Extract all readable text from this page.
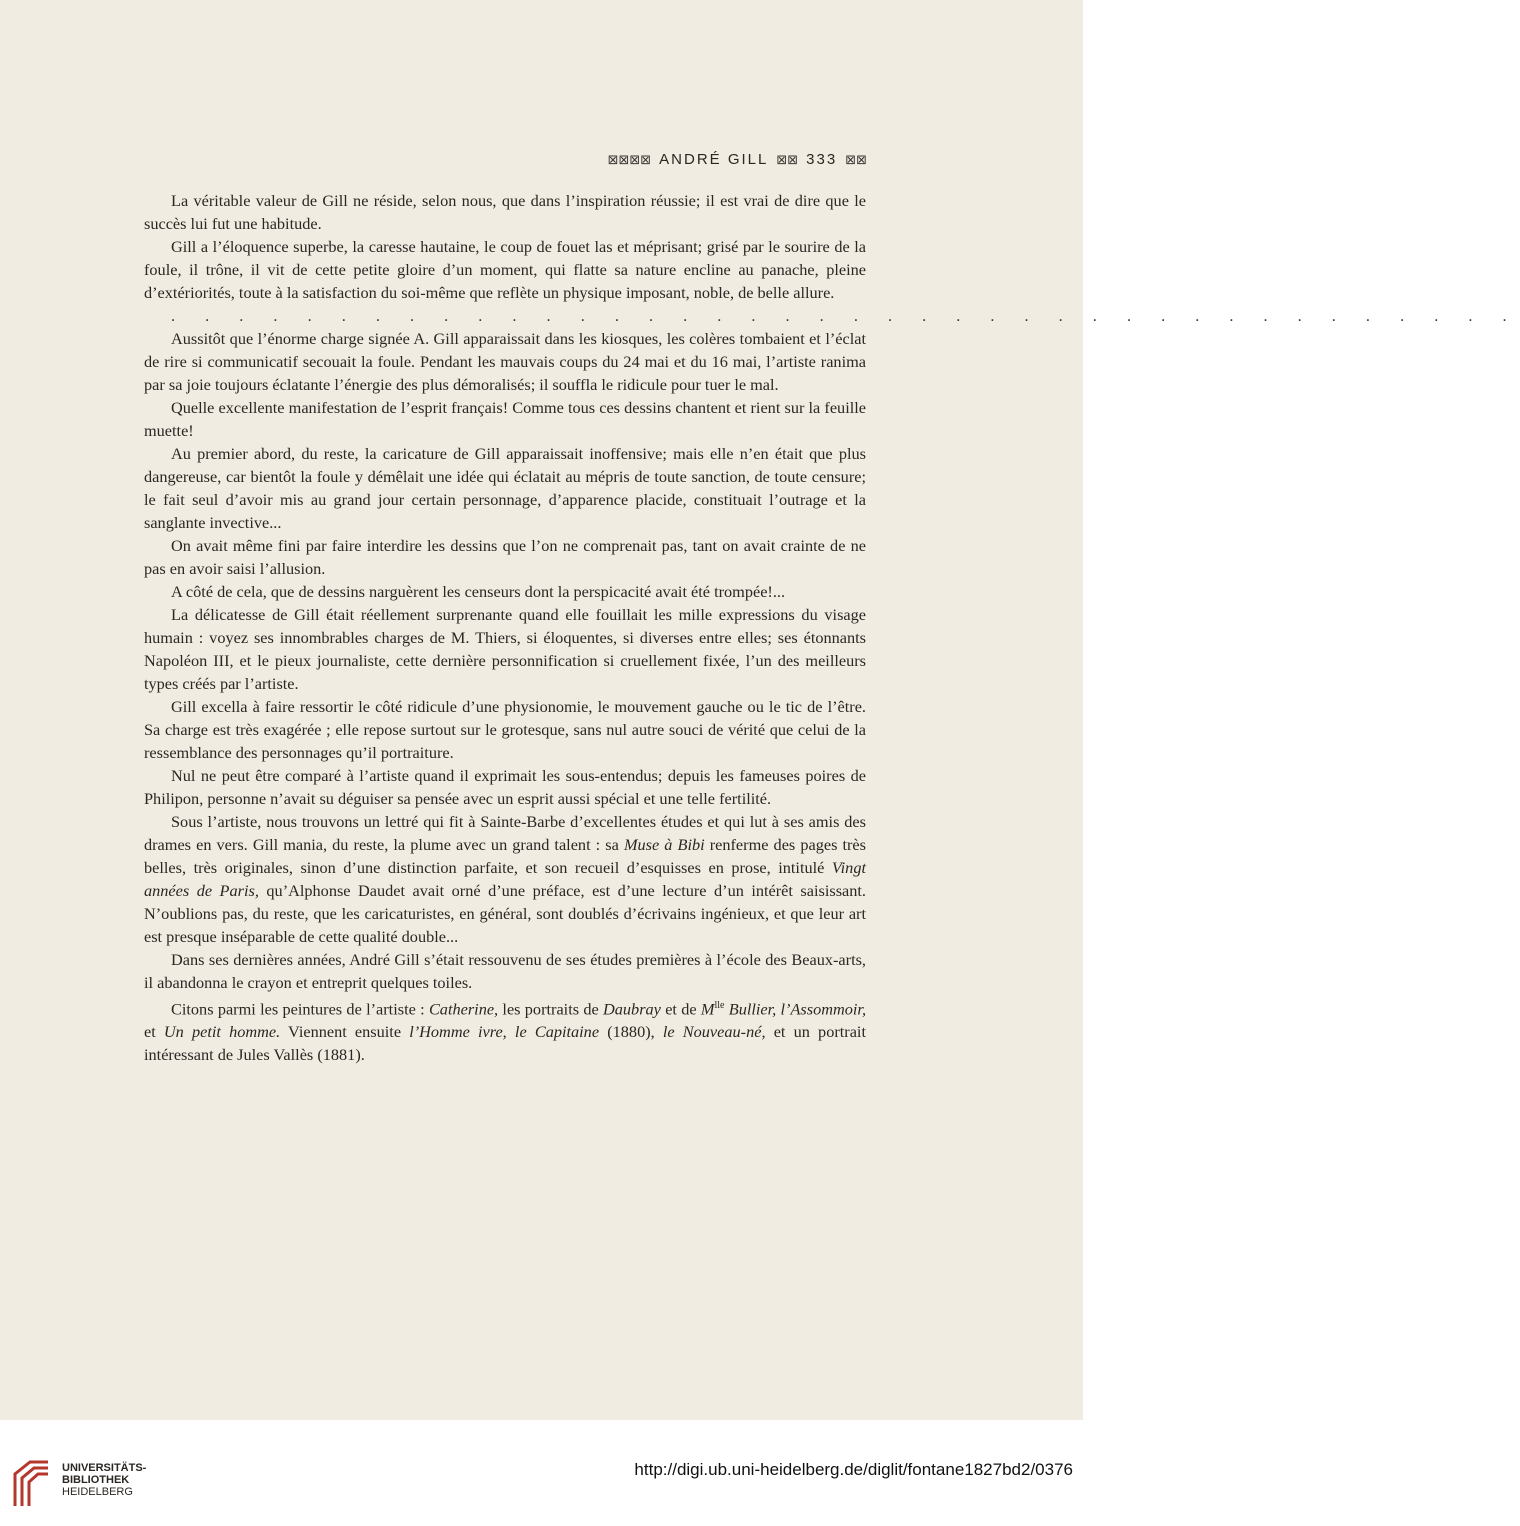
⊠⊠⊠⊠ ANDRÉ GILL ⊠⊠ 333 ⊠⊠

La véritable valeur de Gill ne réside, selon nous, que dans l’inspiration réussie; il est vrai de dire que le succès lui fut une habitude.

Gill a l’éloquence superbe, la caresse hautaine, le coup de fouet las et méprisant; grisé par le sourire de la foule, il trône, il vit de cette petite gloire d’un moment, qui flatte sa nature encline au panache, pleine d’extériorités, toute à la satisfaction du soi-même que reflète un physique imposant, noble, de belle allure.

. . . . . . . . . . . . . . . . . . . . . . . . . . . . . . . . . . . . . . . .

Aussitôt que l’énorme charge signée A. Gill apparaissait dans les kiosques, les colères tombaient et l’éclat de rire si communicatif secouait la foule. Pendant les mauvais coups du 24 mai et du 16 mai, l’artiste ranima par sa joie toujours éclatante l’énergie des plus démoralisés; il souffla le ridicule pour tuer le mal.

Quelle excellente manifestation de l’esprit français! Comme tous ces dessins chantent et rient sur la feuille muette!

Au premier abord, du reste, la caricature de Gill apparaissait inoffensive; mais elle n’en était que plus dangereuse, car bientôt la foule y démêlait une idée qui éclatait au mépris de toute sanction, de toute censure; le fait seul d’avoir mis au grand jour certain personnage, d’apparence placide, constituait l’outrage et la sanglante invective...

On avait même fini par faire interdire les dessins que l’on ne comprenait pas, tant on avait crainte de ne pas en avoir saisi l’allusion.

A côté de cela, que de dessins narguèrent les censeurs dont la perspicacité avait été trompée!...

La délicatesse de Gill était réellement surprenante quand elle fouillait les mille expressions du visage humain : voyez ses innombrables charges de M. Thiers, si éloquentes, si diverses entre elles; ses étonnants Napoléon III, et le pieux journaliste, cette dernière personnification si cruellement fixée, l’un des meilleurs types créés par l’artiste.

Gill excella à faire ressortir le côté ridicule d’une physionomie, le mouvement gauche ou le tic de l’être. Sa charge est très exagérée ; elle repose surtout sur le grotesque, sans nul autre souci de vérité que celui de la ressemblance des personnages qu’il portraiture.

Nul ne peut être comparé à l’artiste quand il exprimait les sous-entendus; depuis les fameuses poires de Philipon, personne n’avait su déguiser sa pensée avec un esprit aussi spécial et une telle fertilité.

Sous l’artiste, nous trouvons un lettré qui fit à Sainte-Barbe d’excellentes études et qui lut à ses amis des drames en vers. Gill mania, du reste, la plume avec un grand talent : sa Muse à Bibi renferme des pages très belles, très originales, sinon d’une distinction parfaite, et son recueil d’esquisses en prose, intitulé Vingt années de Paris, qu’Alphonse Daudet avait orné d’une préface, est d’une lecture d’un intérêt saisissant. N’oublions pas, du reste, que les caricaturistes, en général, sont doublés d’écrivains ingénieux, et que leur art est presque inséparable de cette qualité double...

Dans ses dernières années, André Gill s’était ressouvenu de ses études premières à l’école des Beaux-arts, il abandonna le crayon et entreprit quelques toiles.

Citons parmi les peintures de l’artiste : Catherine, les portraits de Daubray et de $M^{lle}$ Bullier, l’Assommoir, et Un petit homme. Viennent ensuite l’Homme ivre, le Capitaine (1880), le Nouveau-né, et un portrait intéressant de Jules Vallès (1881).

UNIVERSITÄTS-
BIBLIOTHEK
HEIDELBERG
http://digi.ub.uni-heidelberg.de/diglit/fontane1827bd2/0376
